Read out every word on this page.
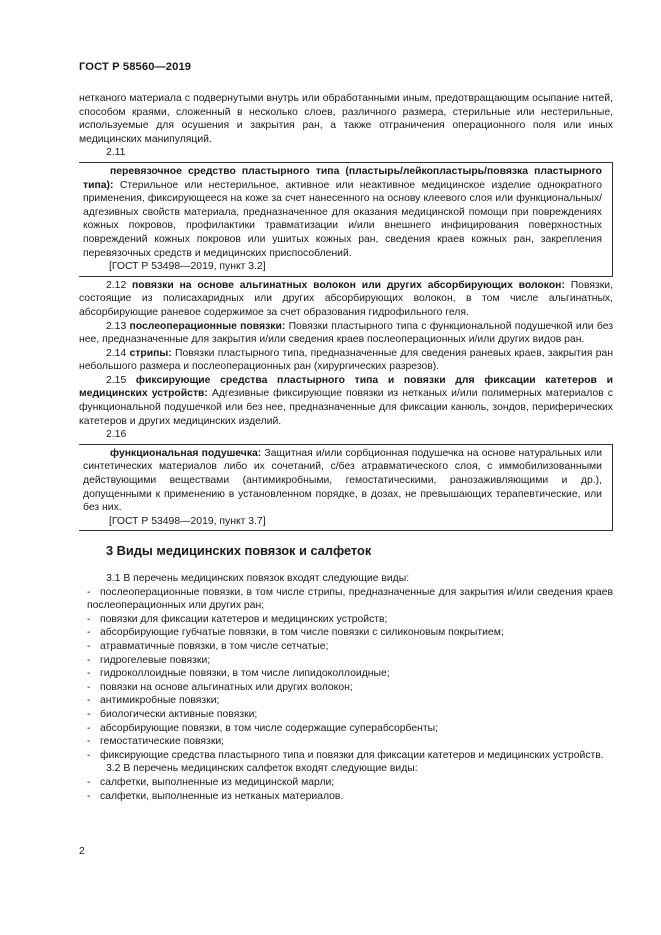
ГОСТ Р 58560—2019

нетканого материала с подвернутыми внутрь или обработанными иным, предотвращающим осыпание нитей, способом краями, сложенный в несколько слоев, различного размера, стерильные или нестерильные, используемые для осушения и закрытия ран, а также отграничения операционного поля или иных медицинских манипуляций.

2.11

перевязочное средство пластырного типа (пластырь/лейкопластырь/повязка пластырного типа): Стерильное или нестерильное, активное или неактивное медицинское изделие однократного применения, фиксирующееся на коже за счет нанесенного на основу клеевого слоя или функциональных/адгезивных свойств материала, предназначенное для оказания медицинской помощи при повреждениях кожных покровов, профилактики травматизации и/или внешнего инфицирования поверхностных повреждений кожных покровов или ушитых кожных ран, сведения краев кожных ран, закрепления перевязочных средств и медицинских приспособлений.

[ГОСТ Р 53498—2019, пункт 3.2]

2.12 повязки на основе альгинатных волокон или других абсорбирующих волокон: Повязки, состоящие из полисахаридных или других абсорбирующих волокон, в том числе альгинатных, абсорбирующие раневое содержимое за счет образования гидрофильного геля.

2.13 послеоперационные повязки: Повязки пластырного типа с функциональной подушечкой или без нее, предназначенные для закрытия и/или сведения краев послеоперационных и/или других видов ран.

2.14 стрипы: Повязки пластырного типа, предназначенные для сведения раневых краев, закрытия ран небольшого размера и послеоперационных ран (хирургических разрезов).

2.15 фиксирующие средства пластырного типа и повязки для фиксации катетеров и медицинских устройств: Адгезивные фиксирующие повязки из нетканых и/или полимерных материалов с функциональной подушечкой или без нее, предназначенные для фиксации канюль, зондов, периферических катетеров и других медицинских изделий.

2.16

функциональная подушечка: Защитная и/или сорбционная подушечка на основе натуральных или синтетических материалов либо их сочетаний, с/без атравматического слоя, с иммобилизованными действующими веществами (антимикробными, гемостатическими, ранозаживляющими и др.), допущенными к применению в установленном порядке, в дозах, не превышающих терапевтические, или без них.

[ГОСТ Р 53498—2019, пункт 3.7]

3 Виды медицинских повязок и салфеток

3.1 В перечень медицинских повязок входят следующие виды:

- послеоперационные повязки, в том числе стрипы, предназначенные для закрытия и/или сведения краев послеоперационных или других ран;

- повязки для фиксации катетеров и медицинских устройств;

- абсорбирующие губчатые повязки, в том числе повязки с силиконовым покрытием;

- атравматичные повязки, в том числе сетчатые;

- гидрогелевые повязки;

- гидроколлоидные повязки, в том числе липидоколлоидные;

- повязки на основе альгинатных или других волокон;

- антимикробные повязки;

- биологически активные повязки;

- абсорбирующие повязки, в том числе содержащие суперабсорбенты;

- гемостатические повязки;

- фиксирующие средства пластырного типа и повязки для фиксации катетеров и медицинских устройств.

3.2 В перечень медицинских салфеток входят следующие виды:

- салфетки, выполненные из медицинской марли;

- салфетки, выполненные из нетканых материалов.

2
